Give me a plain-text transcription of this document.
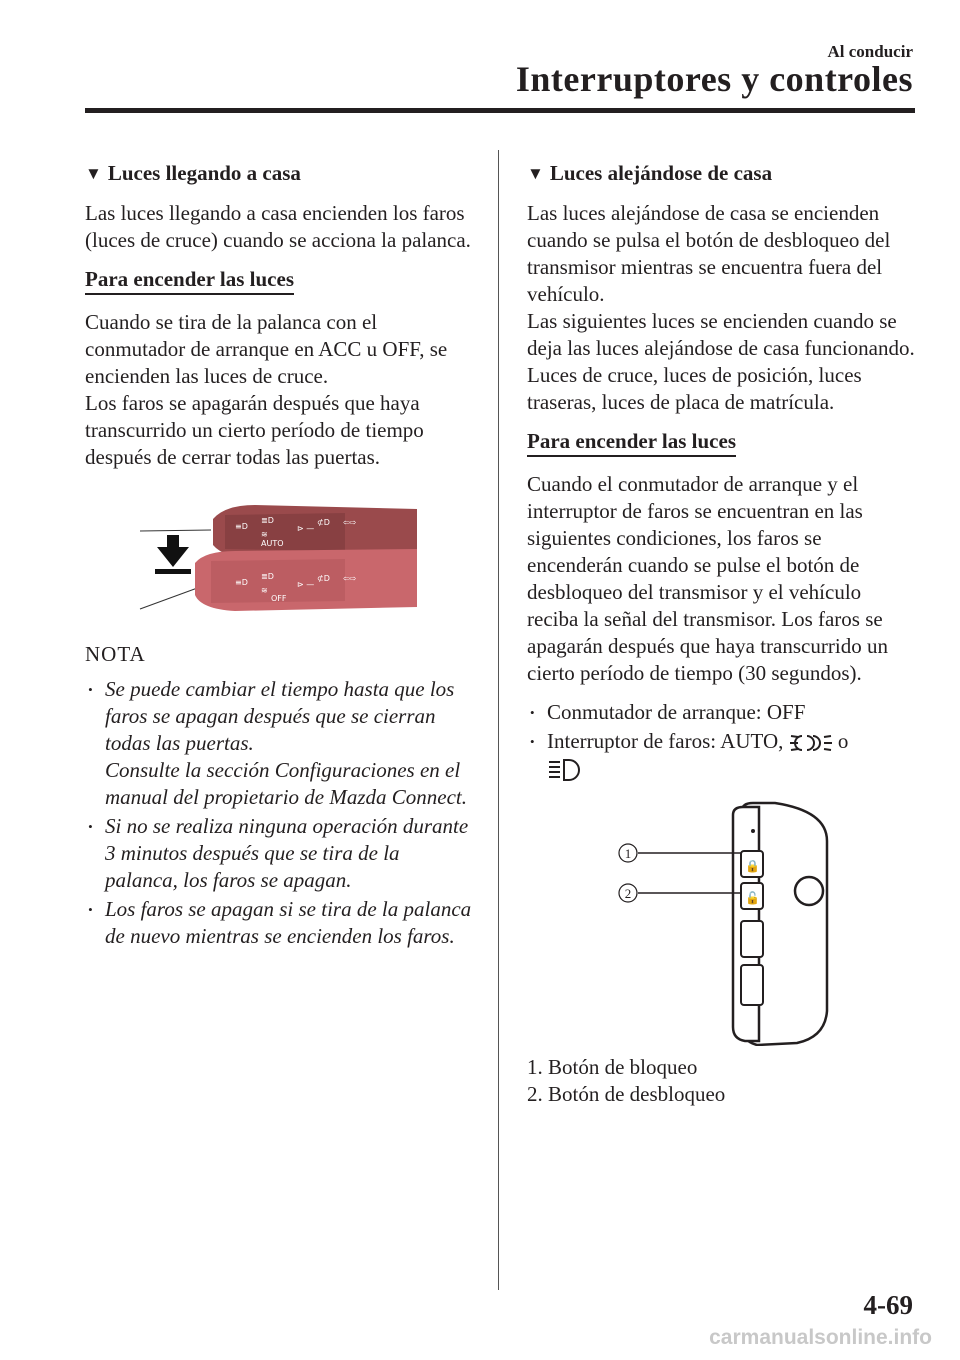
Al conducir
Interruptores y controles
▼ Luces llegando a casa

Las luces llegando a casa encienden los faros (luces de cruce) cuando se acciona la palanca.

Para encender las luces

Cuando se tira de la palanca con el conmutador de arranque en ACC u OFF, se encienden las luces de cruce.

Los faros se apagarán después que haya transcurrido un cierto período de tiempo después de cerrar todas las puertas.

≡D
≣D
≋
AUTO
⊳ —
⊄D ⇦⇨
≡D
≣D
≋
OFF
⊳ —
⊄D ⇦⇨
NOTA
• Se puede cambiar el tiempo hasta que los faros se apagan después que se cierran todas las puertas.
Consulte la sección Configuraciones en el manual del propietario de Mazda Connect.
• Si no se realiza ninguna operación durante 3 minutos después que se tira de la palanca, los faros se apagan.
• Los faros se apagan si se tira de la palanca de nuevo mientras se encienden los faros.
▼ Luces alejándose de casa

Las luces alejándose de casa se encienden cuando se pulsa el botón de desbloqueo del transmisor mientras se encuentra fuera del vehículo.

Las siguientes luces se encienden cuando se deja las luces alejándose de casa funcionando.

Luces de cruce, luces de posición, luces traseras, luces de placa de matrícula.

Para encender las luces

Cuando el conmutador de arranque y el interruptor de faros se encuentran en las siguientes condiciones, los faros se encenderán cuando se pulse el botón de desbloqueo del transmisor y el vehículo reciba la señal del transmisor. Los faros se apagarán después que haya transcurrido un cierto período de tiempo (30 segundos).

• Conmutador de arranque: OFF
• Interruptor de faros: AUTO,	o

🔒
🔓
1
2
1. Botón de bloqueo
2. Botón de desbloqueo
4-69
carmanualsonline.info
